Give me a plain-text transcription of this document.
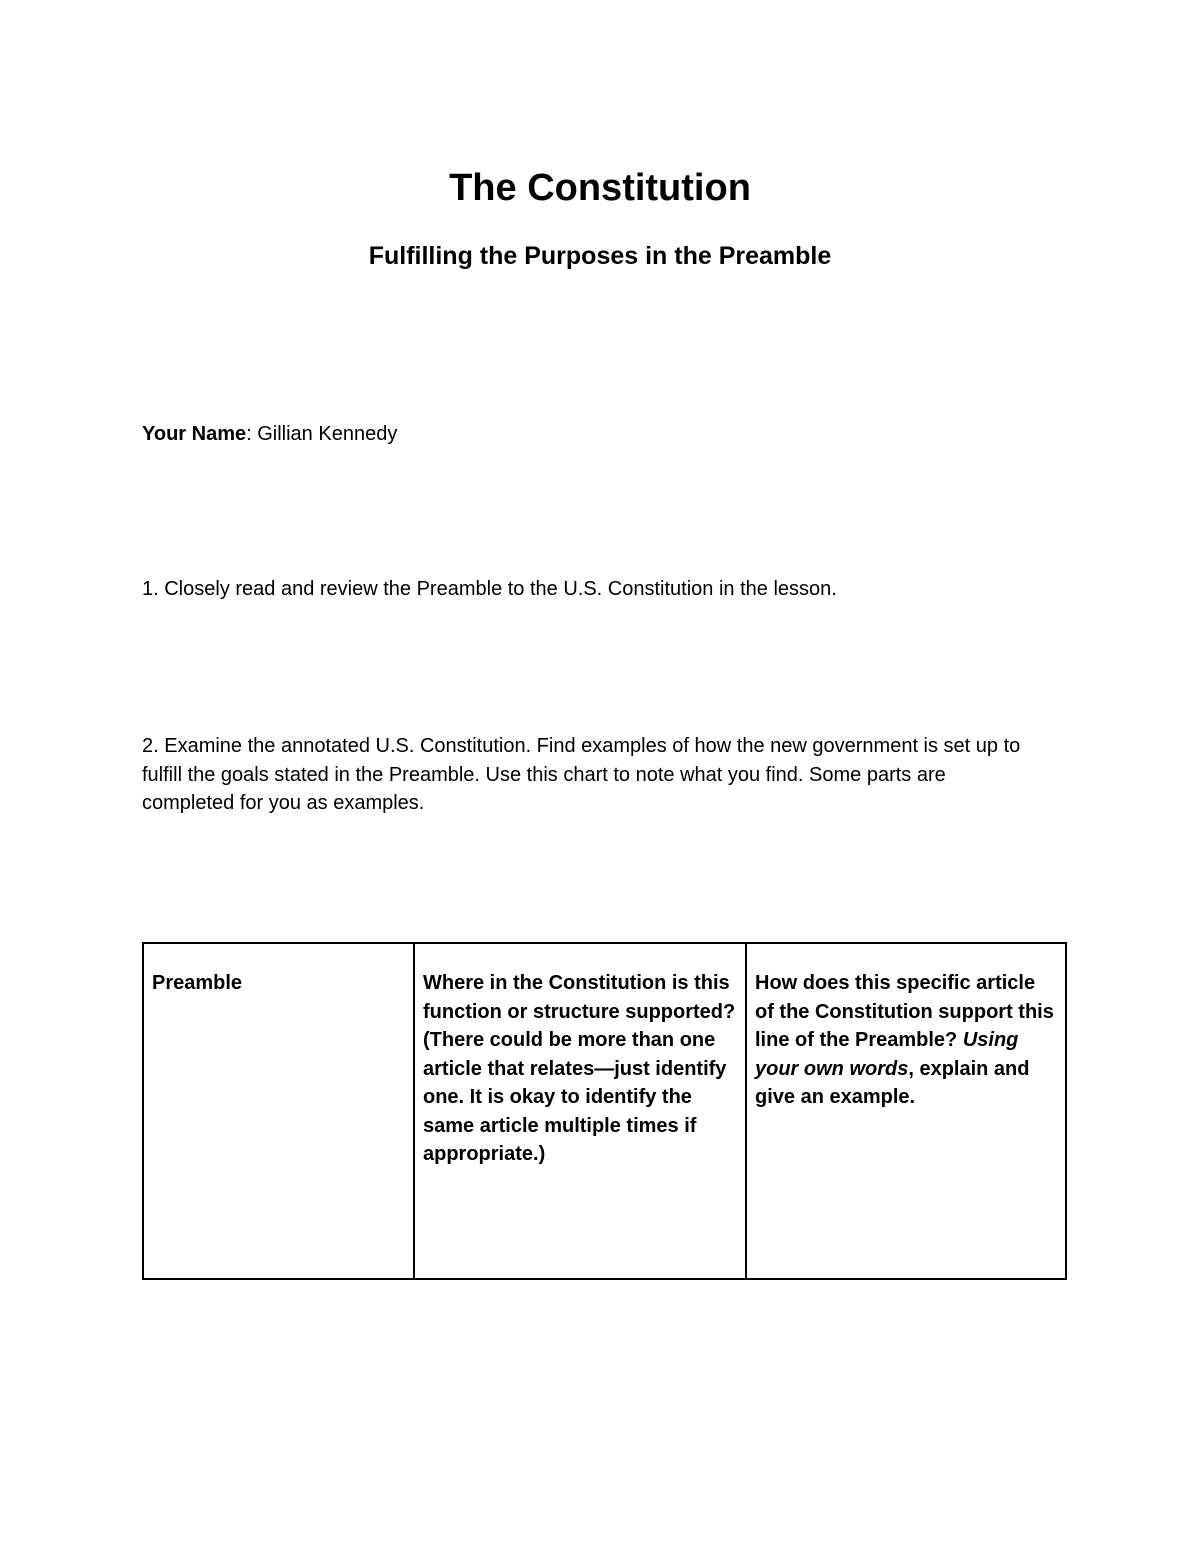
The Constitution
Fulfilling the Purposes in the Preamble
Your Name: Gillian Kennedy
1. Closely read and review the Preamble to the U.S. Constitution in the lesson.
2. Examine the annotated U.S. Constitution. Find examples of how the new government is set up to fulfill the goals stated in the Preamble. Use this chart to note what you find. Some parts are completed for you as examples.
Preamble	Where in the Constitution is this function or structure supported? (There could be more than one article that relates—just identify one. It is okay to identify the same article multiple times if appropriate.)	How does this specific article of the Constitution support this line of the Preamble? Using your own words, explain and give an example.
